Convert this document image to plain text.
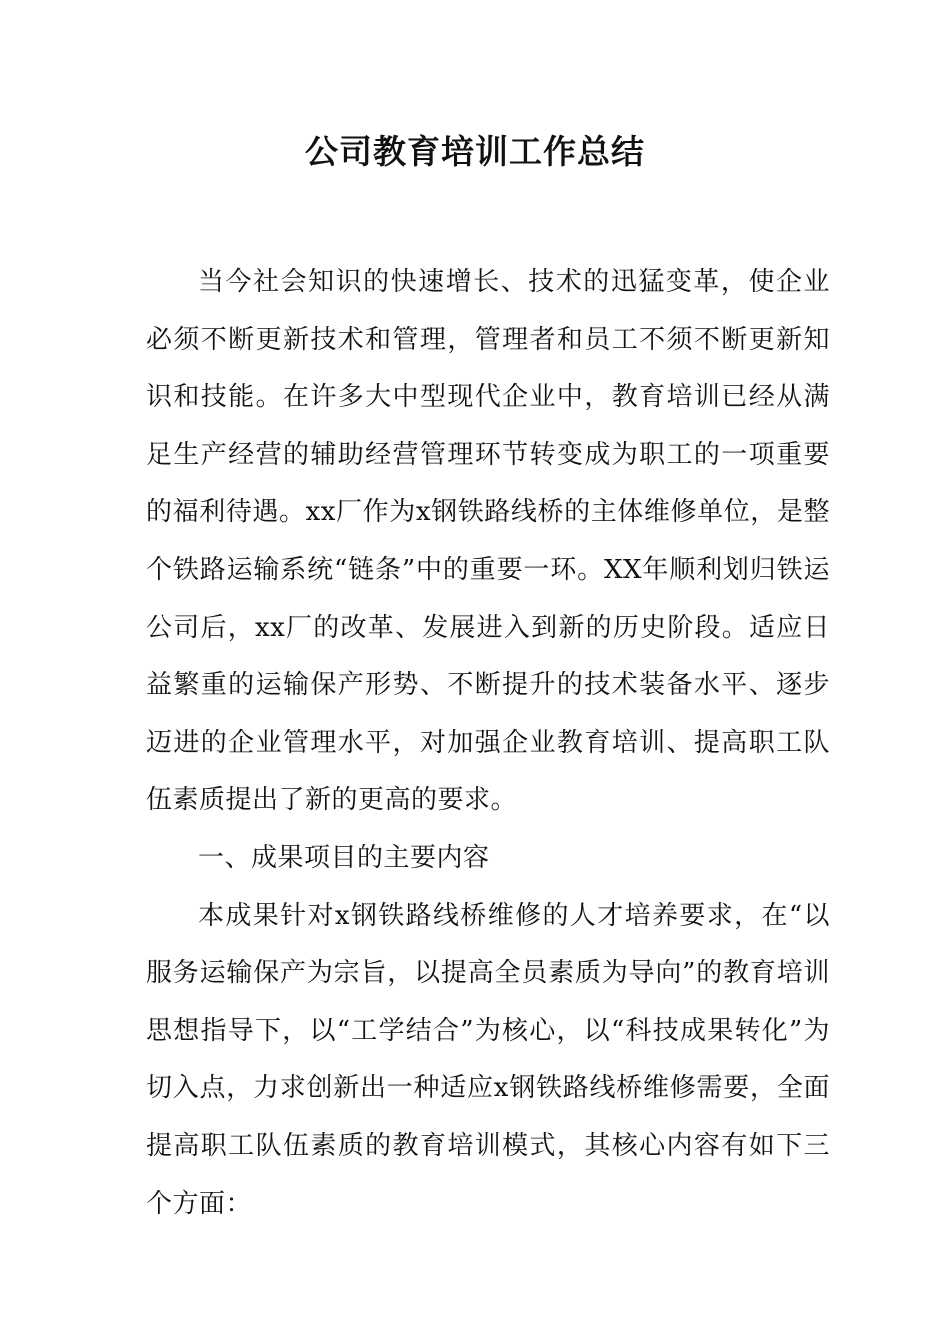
公司教育培训工作总结

当今社会知识的快速增长、技术的迅猛变革，使企业必须不断更新技术和管理，管理者和员工不须不断更新知识和技能。在许多大中型现代企业中，教育培训已经从满足生产经营的辅助经营管理环节转变成为职工的一项重要的福利待遇。xx厂作为x钢铁路线桥的主体维修单位，是整个铁路运输系统“链条”中的重要一环。XX年顺利划归铁运公司后，xx厂的改革、发展进入到新的历史阶段。适应日益繁重的运输保产形势、不断提升的技术装备水平、逐步迈进的企业管理水平，对加强企业教育培训、提高职工队伍素质提出了新的更高的要求。

一、成果项目的主要内容

本成果针对x钢铁路线桥维修的人才培养要求，在“以服务运输保产为宗旨，以提高全员素质为导向”的教育培训思想指导下，以“工学结合”为核心，以“科技成果转化”为切入点，力求创新出一种适应x钢铁路线桥维修需要，全面提高职工队伍素质的教育培训模式，其核心内容有如下三个方面：
